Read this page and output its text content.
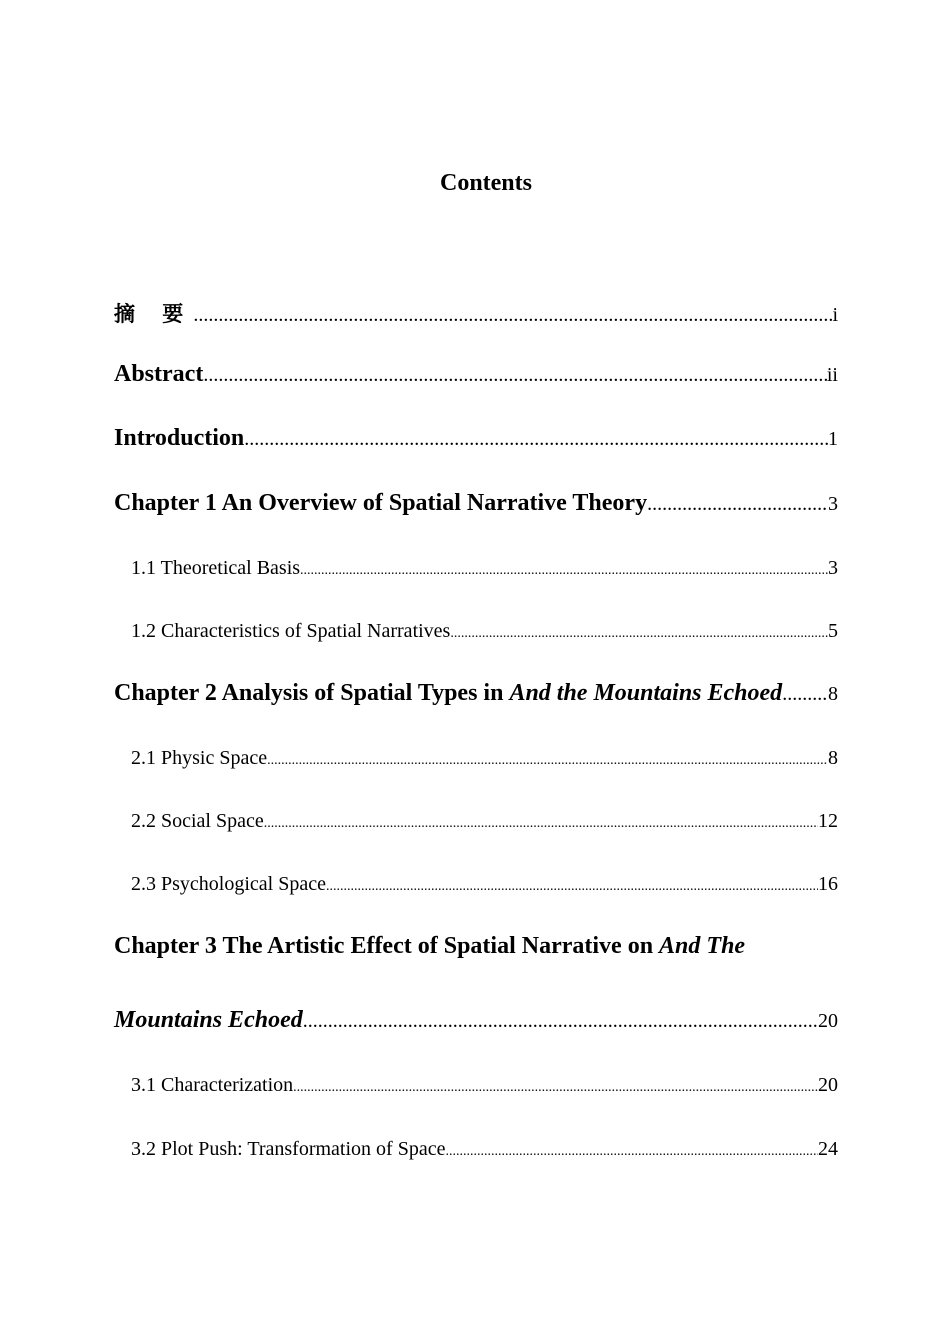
Contents
摘 要 .....	i
Abstract .....	ii
Introduction .....	1
Chapter 1 An Overview of Spatial Narrative Theory .....	3
1.1 Theoretical Basis .....	3
1.2 Characteristics of Spatial Narratives .....	5
Chapter 2 Analysis of Spatial Types in And the Mountains Echoed ..... 8
2.1 Physic Space .....	8
2.2 Social Space .....	12
2.3 Psychological Space .....	16
Chapter 3 The Artistic Effect of Spatial Narrative on And The
Mountains Echoed .....	20
3.1 Characterization .....	20
3.2 Plot Push: Transformation of Space .....	24
